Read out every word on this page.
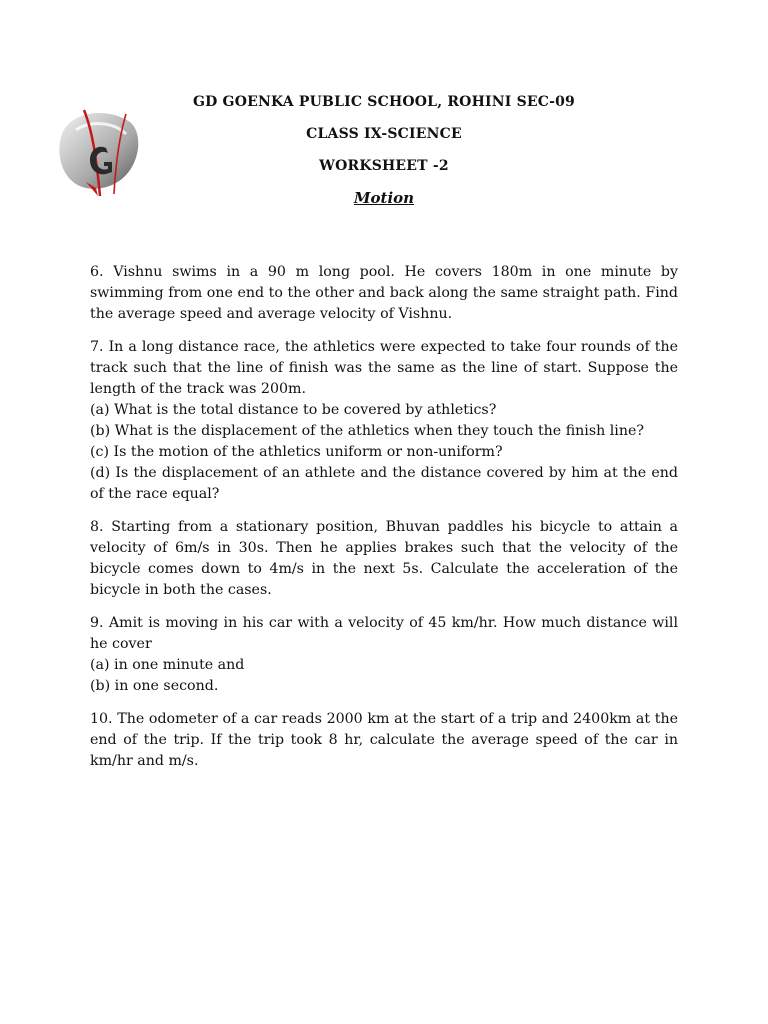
GD GOENKA PUBLIC SCHOOL, ROHINI SEC-09
CLASS IX-SCIENCE
WORKSHEET -2
Motion
6. Vishnu swims in a 90 m long pool. He covers 180m in one minute by swimming from one end to the other and back along the same straight path. Find the average speed and average velocity of Vishnu.
7. In a long distance race, the athletics were expected to take four rounds of the track such that the line of finish was the same as the line of start. Suppose the length of the track was 200m.
(a) What is the total distance to be covered by athletics?
(b) What is the displacement of the athletics when they touch the finish line?
(c) Is the motion of the athletics uniform or non-uniform?
(d) Is the displacement of an athlete and the distance covered by him at the end of the race equal?
8. Starting from a stationary position, Bhuvan paddles his bicycle to attain a velocity of 6m/s in 30s. Then he applies brakes such that the velocity of the bicycle comes down to 4m/s in the next 5s. Calculate the acceleration of the bicycle in both the cases.
9. Amit is moving in his car with a velocity of 45 km/hr. How much distance will he cover
(a) in one minute and
(b) in one second.
10. The odometer of a car reads 2000 km at the start of a trip and 2400km at the end of the trip. If the trip took 8 hr, calculate the average speed of the car in km/hr and m/s.
